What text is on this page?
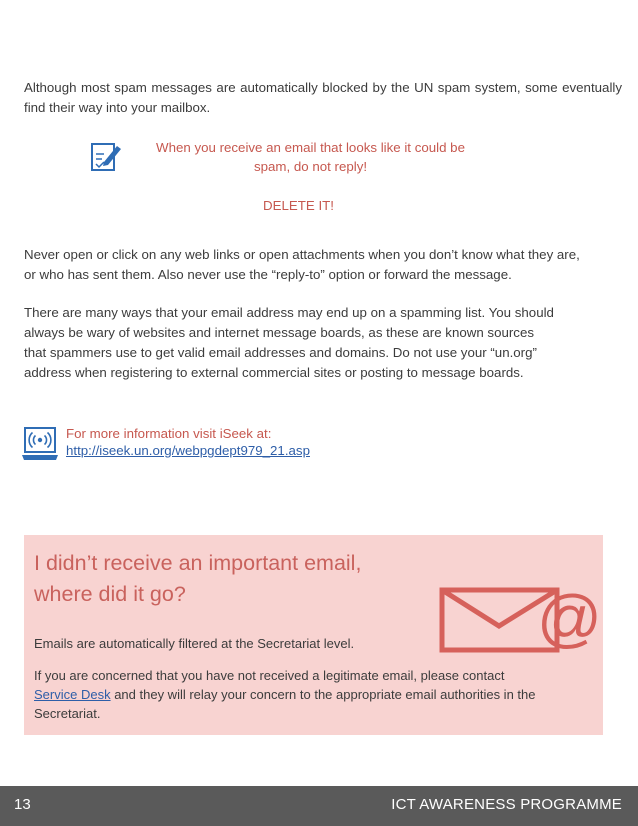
Although most spam messages are automatically blocked by the UN spam system, some eventually find their way into your mailbox.
When you receive an email that looks like it could be
spam, do not reply!
DELETE IT!
Never open or click on any web links or open attachments when you don’t know what they are,
or who has sent them. Also never use the “reply-to” option or forward the message.
There are many ways that your email address may end up on a spamming list. You should
always be wary of websites and internet message boards, as these are known sources
that spammers use to get valid email addresses and domains. Do not use your “un.org”
address when registering to external commercial sites or posting to message boards.
For more information visit iSeek at:
http://iseek.un.org/webpgdept979_21.asp
I didn’t receive an important email,
where did it go?	@
Emails are automatically filtered at the Secretariat level.
If you are concerned that you have not received a legitimate email, please contact
Service Desk and they will relay your concern to the appropriate email authorities in the
Secretariat.
13	ICT AWARENESS PROGRAMME
